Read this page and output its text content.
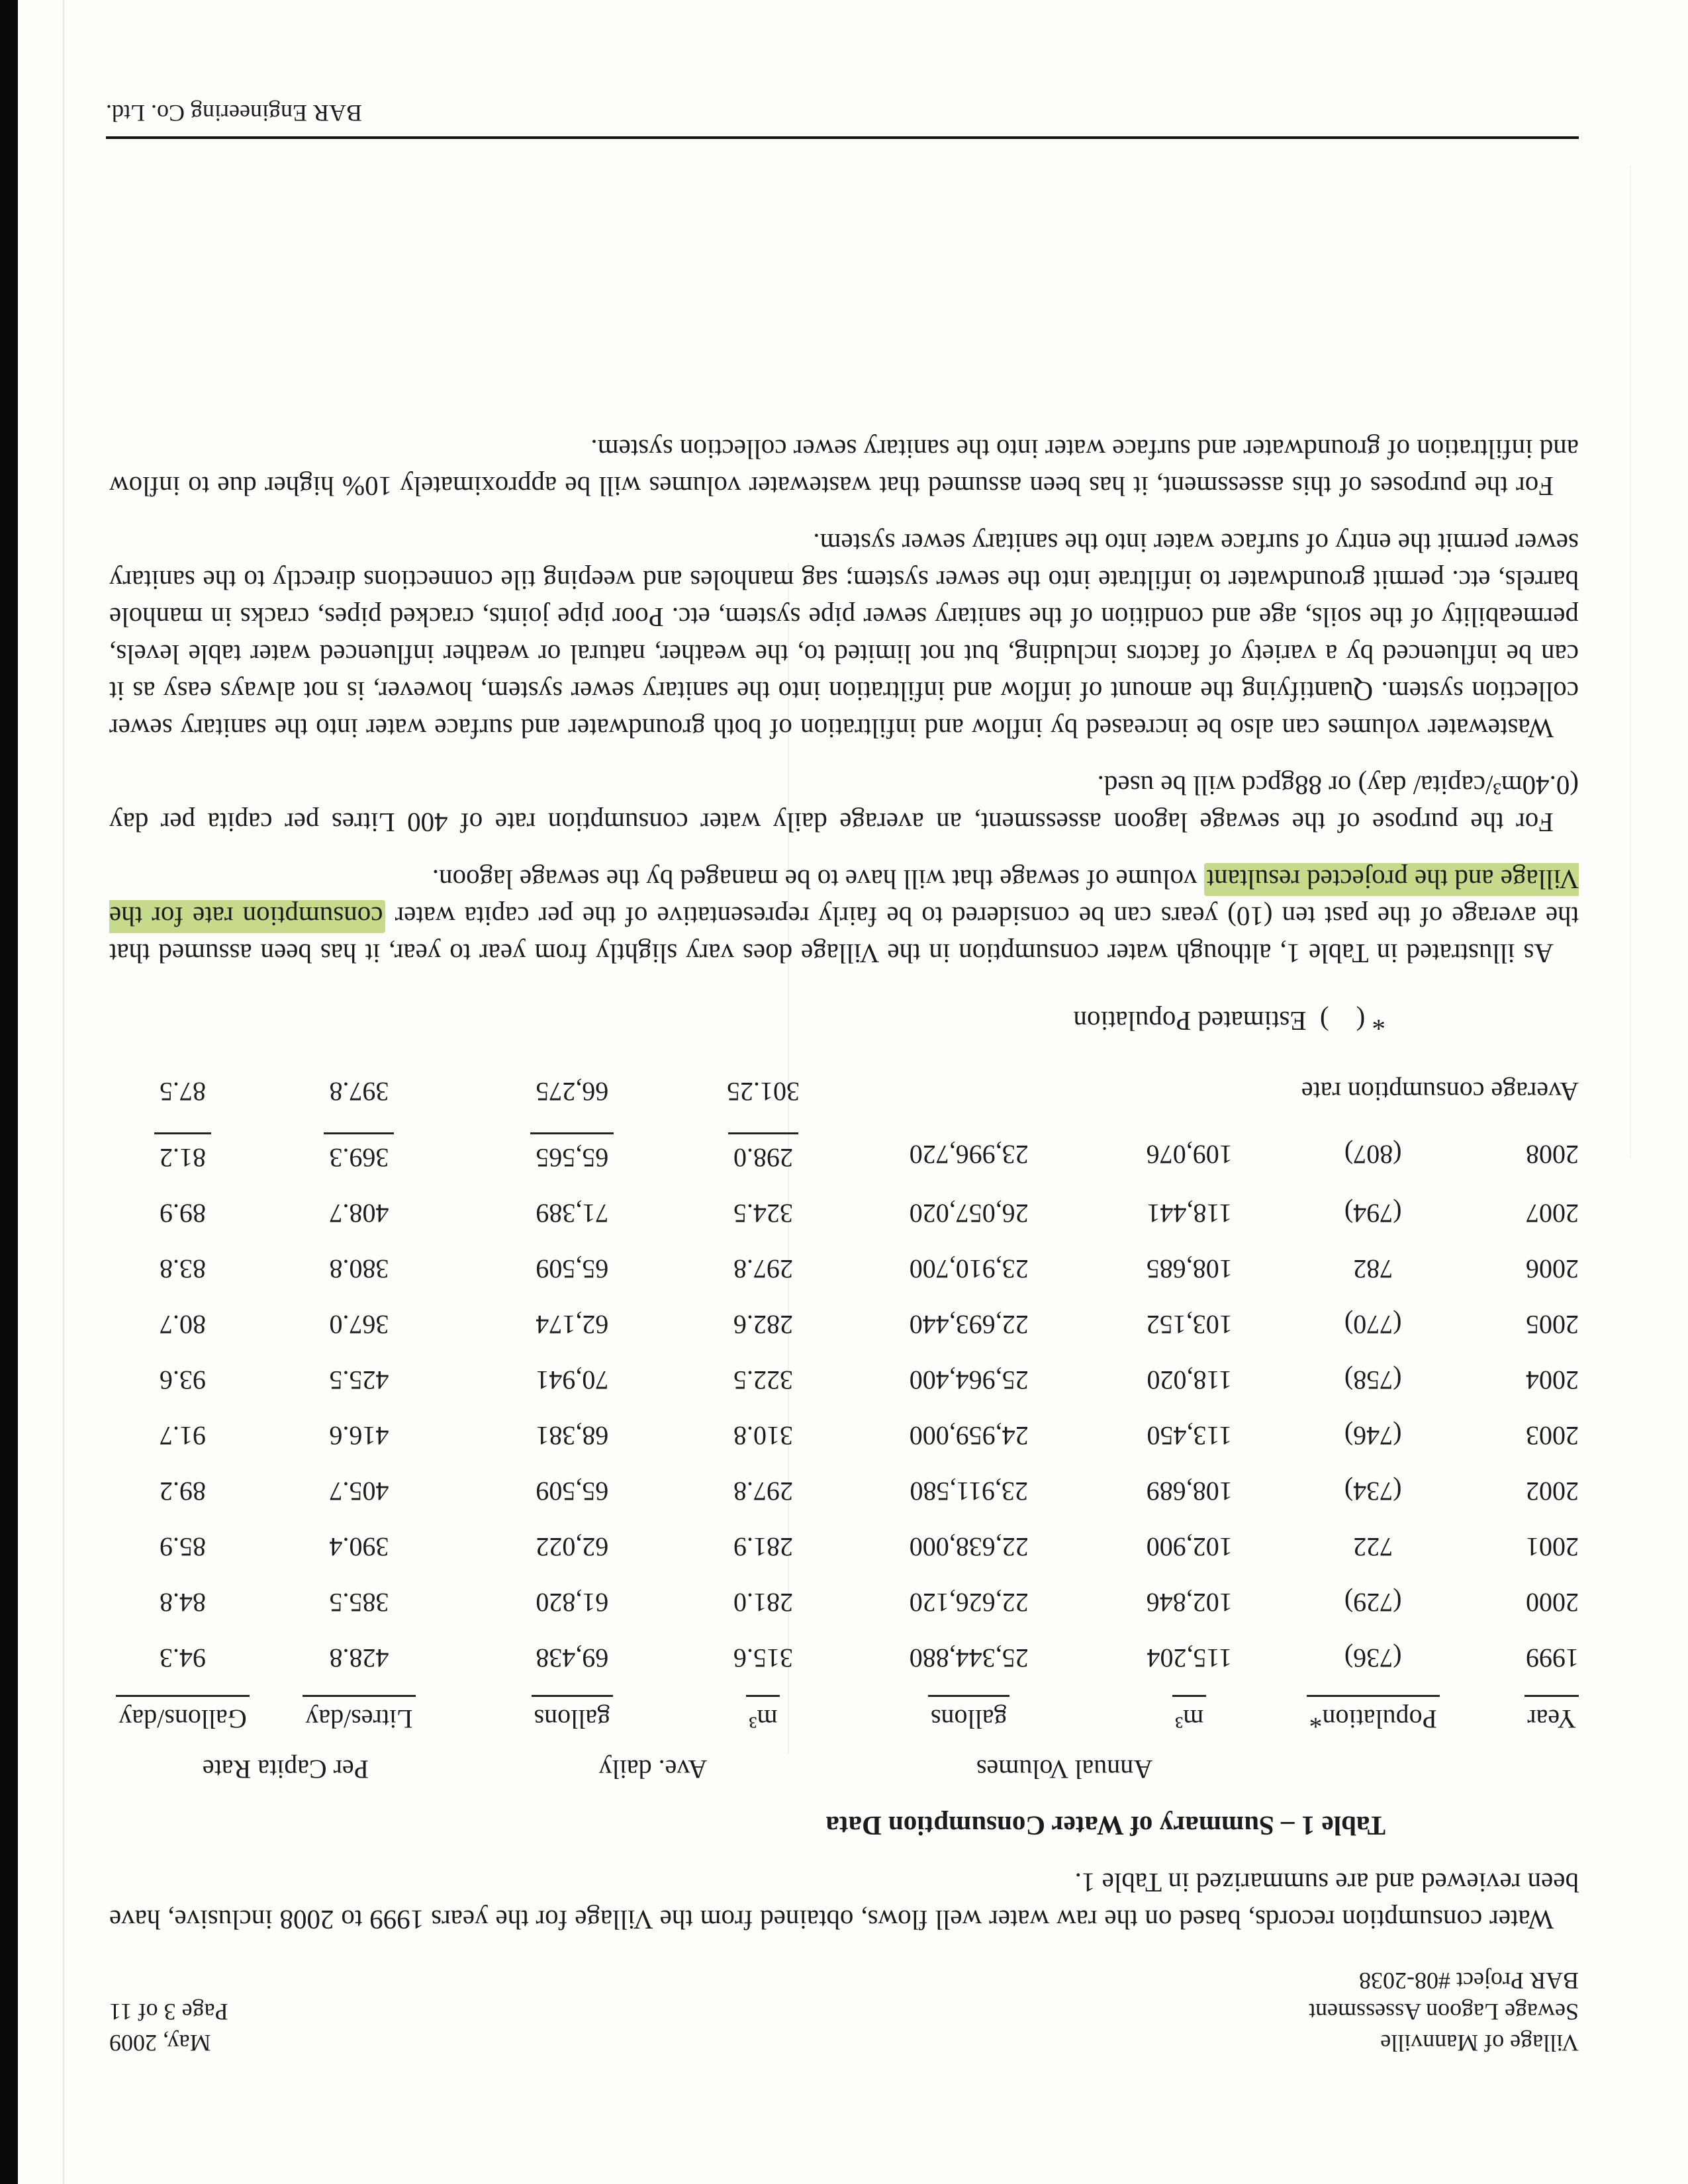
Village of Mannville
Sewage Lagoon Assessment
BAR Project #08-2038
May, 2009
Page 3 of 11

Water consumption records, based on the raw water well flows, obtained from the Village for the years 1999 to 2008 inclusive, have been reviewed and are summarized in Table 1.

Table 1 – Summary of Water Consumption Data
		Annual Volumes		Ave. daily		Per Capita Rate	
Year	Population*	m³	gallons	m³	gallons	Litres/day	Gallons/day
1999	(736)	115,204	25,344,880	315.6	69,438	428.8	94.3
2000	(729)	102,846	22,626,120	281.0	61,820	385.5	84.8
2001	722	102,900	22,638,000	281.9	62,022	390.4	85.9
2002	(734)	108,689	23,911,580	297.8	65,509	405.7	89.2
2003	(746)	113,450	24,959,000	310.8	68,381	416.6	91.7
2004	(758)	118,020	25,964,400	322.5	70,941	425.5	93.6
2005	(770)	103,152	22,693,440	282.6	62,174	367.0	80.7
2006	782	108,685	23,910,700	297.8	65,509	380.8	83.8
2007	(794)	118,441	26,057,020	324.5	71,389	408.7	89.9
2008	(807)	109,076	23,996,720	298.0	65,565	369.3	81.2
Average consumption rate				301.25	66,275	397.8	87.5

* (    )  Estimated Population

As illustrated in Table 1, although water consumption in the Village does vary slightly from year to year, it has been assumed that the average of the past ten (10) years can be considered to be fairly representative of the per capita water consumption rate for the Village and the projected resultant volume of sewage that will have to be managed by the sewage lagoon.

For the purpose of the sewage lagoon assessment, an average daily water consumption rate of 400 Litres per capita per day (0.40m³/capita/ day) or 88gpcd will be used.

Wastewater volumes can also be increased by inflow and infiltration of both groundwater and surface water into the sanitary sewer collection system. Quantifying the amount of inflow and infiltration into the sanitary sewer system, however, is not always easy as it can be influenced by a variety of factors including, but not limited to, the weather, natural or weather influenced water table levels, permeability of the soils, age and condition of the sanitary sewer pipe system, etc. Poor pipe joints, cracked pipes, cracks in manhole barrels, etc. permit groundwater to infiltrate into the sewer system; sag manholes and weeping tile connections directly to the sanitary sewer permit the entry of surface water into the sanitary sewer system.

For the purposes of this assessment, it has been assumed that wastewater volumes will be approximately 10% higher due to inflow and infiltration of groundwater and surface water into the sanitary sewer collection system.

BAR Engineering Co. Ltd.
